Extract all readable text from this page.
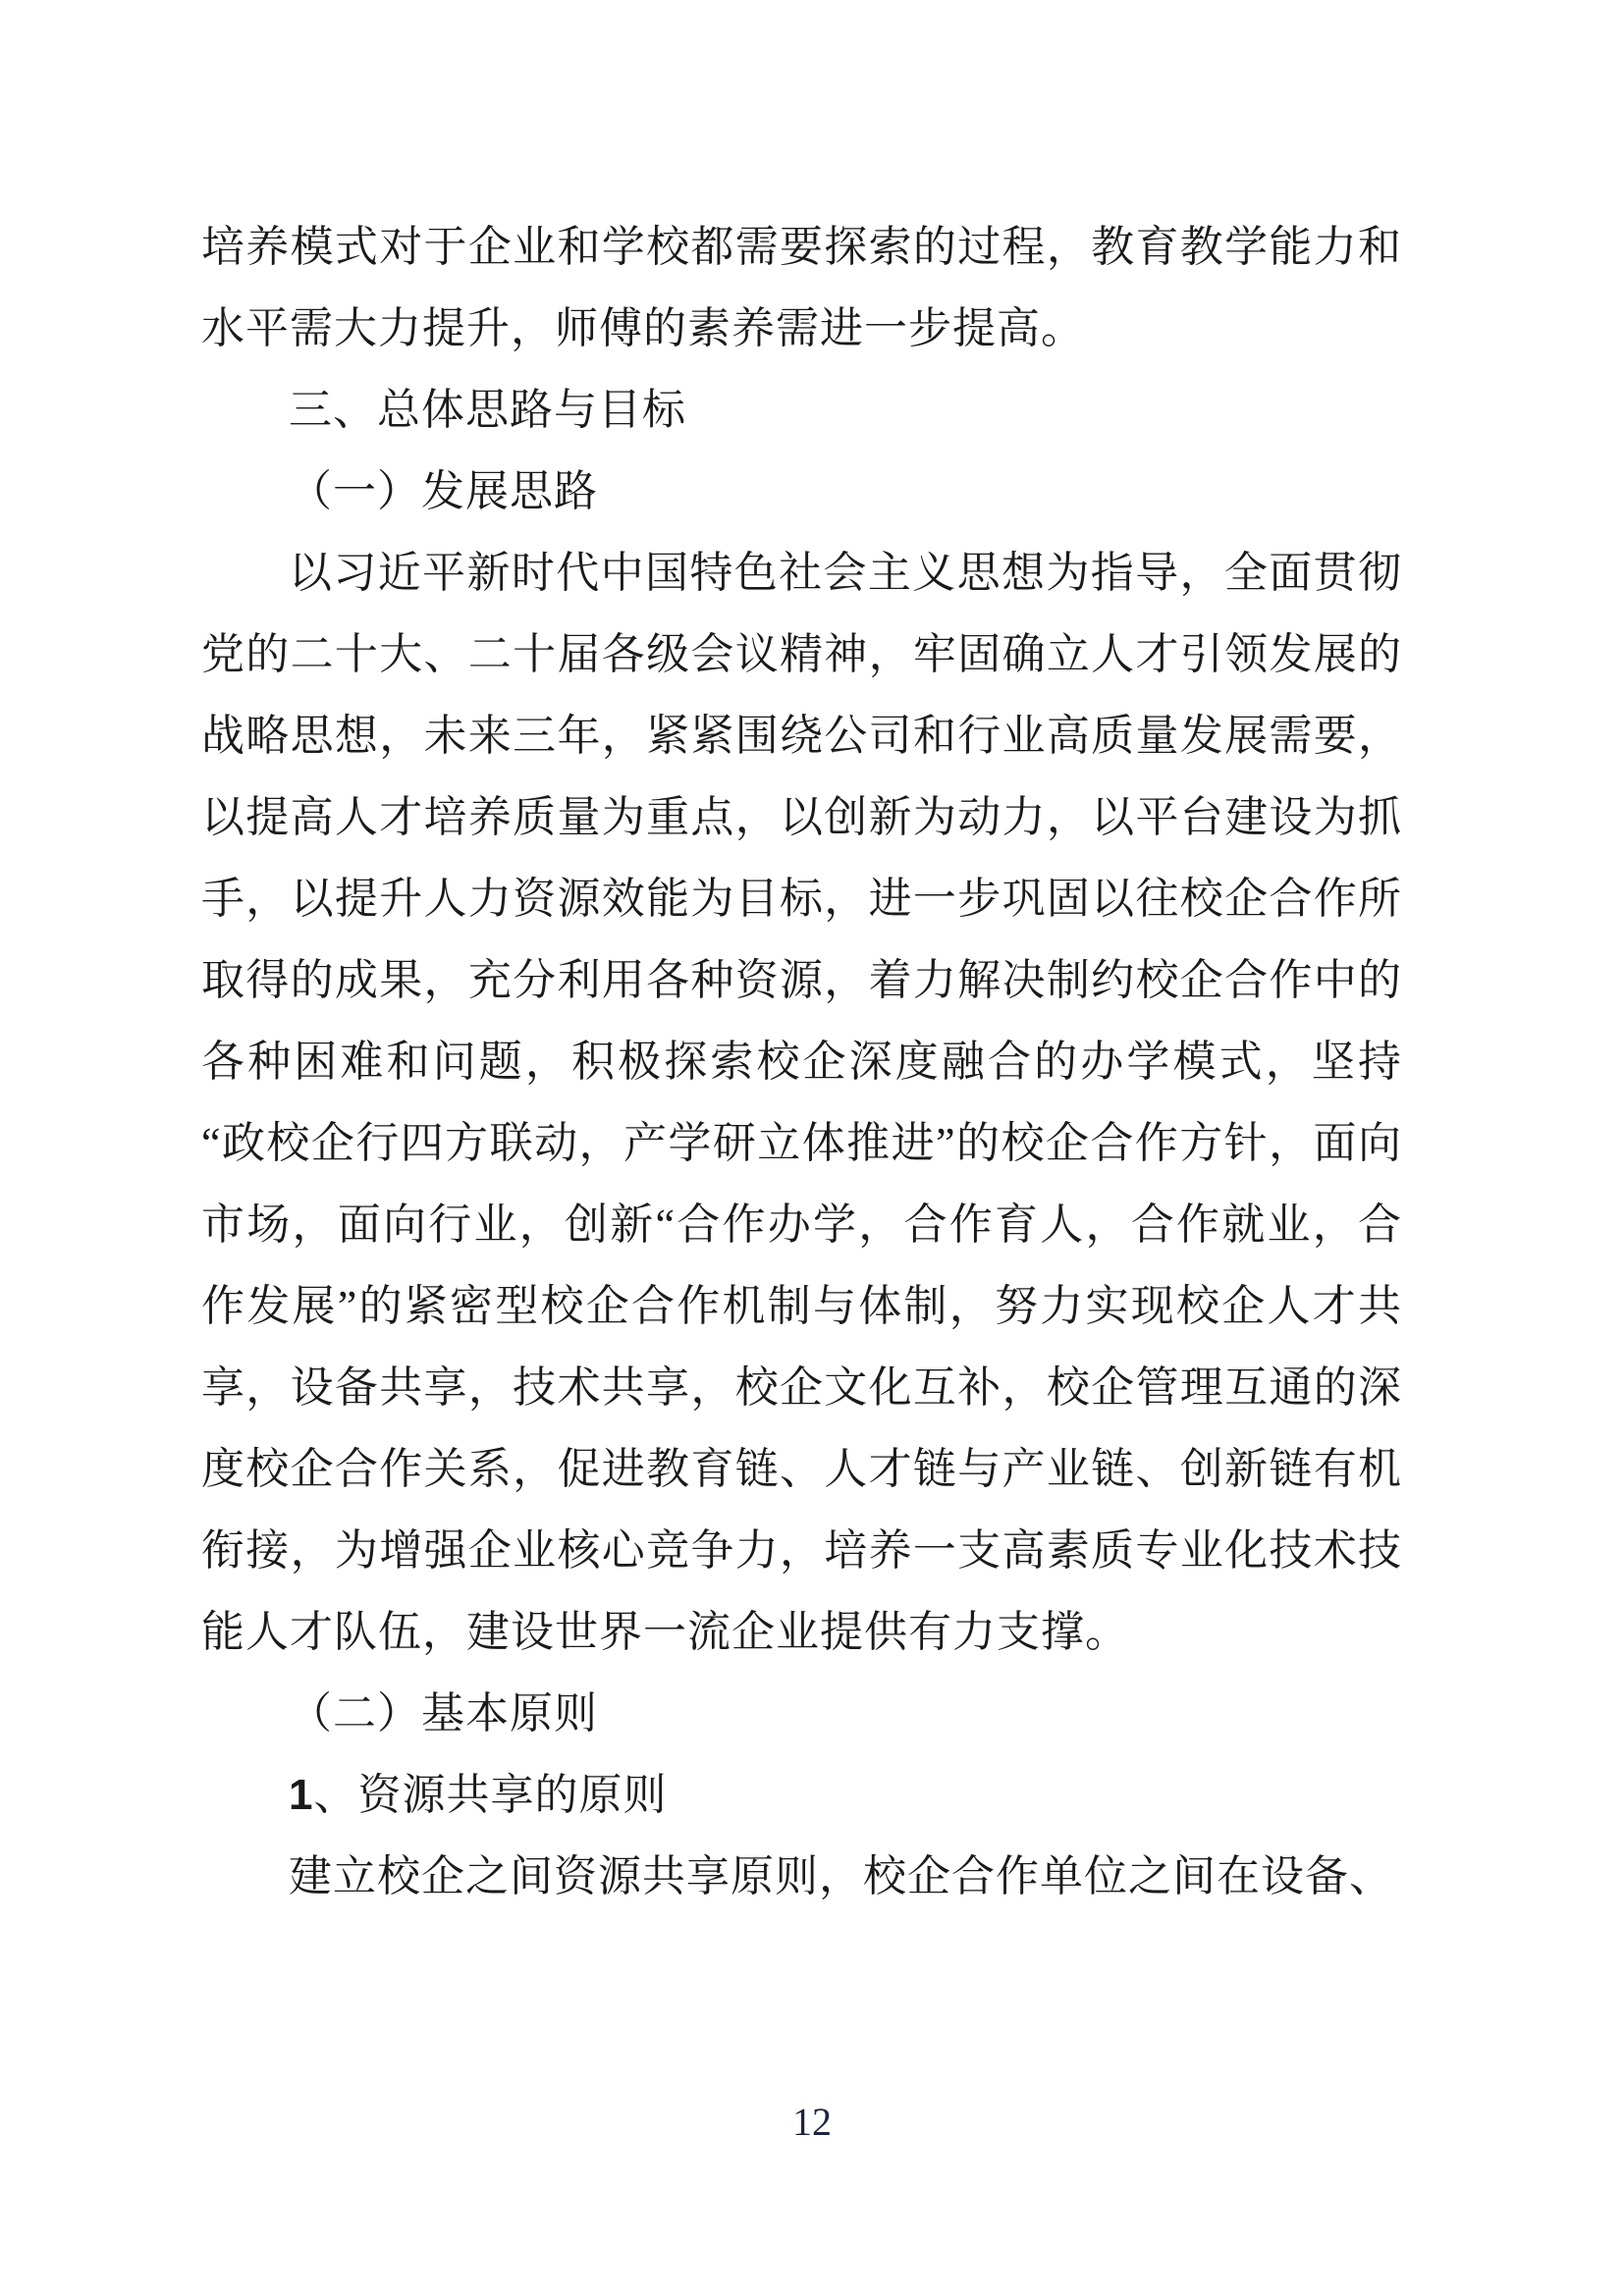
培养模式对于企业和学校都需要探索的过程，教育教学能力和水平需大力提升，师傅的素养需进一步提高。

三、总体思路与目标
（一）发展思路

以习近平新时代中国特色社会主义思想为指导，全面贯彻党的二十大、二十届各级会议精神，牢固确立人才引领发展的战略思想，未来三年，紧紧围绕公司和行业高质量发展需要，以提高人才培养质量为重点，以创新为动力，以平台建设为抓手，以提升人力资源效能为目标，进一步巩固以往校企合作所取得的成果，充分利用各种资源，着力解决制约校企合作中的各种困难和问题，积极探索校企深度融合的办学模式，坚持“政校企行四方联动，产学研立体推进”的校企合作方针，面向市场，面向行业，创新“合作办学，合作育人，合作就业，合作发展”的紧密型校企合作机制与体制，努力实现校企人才共享，设备共享，技术共享，校企文化互补，校企管理互通的深度校企合作关系，促进教育链、人才链与产业链、创新链有机衔接，为增强企业核心竞争力，培养一支高素质专业化技术技能人才队伍，建设世界一流企业提供有力支撑。

（二）基本原则

1、资源共享的原则

建立校企之间资源共享原则，校企合作单位之间在设备、

12
